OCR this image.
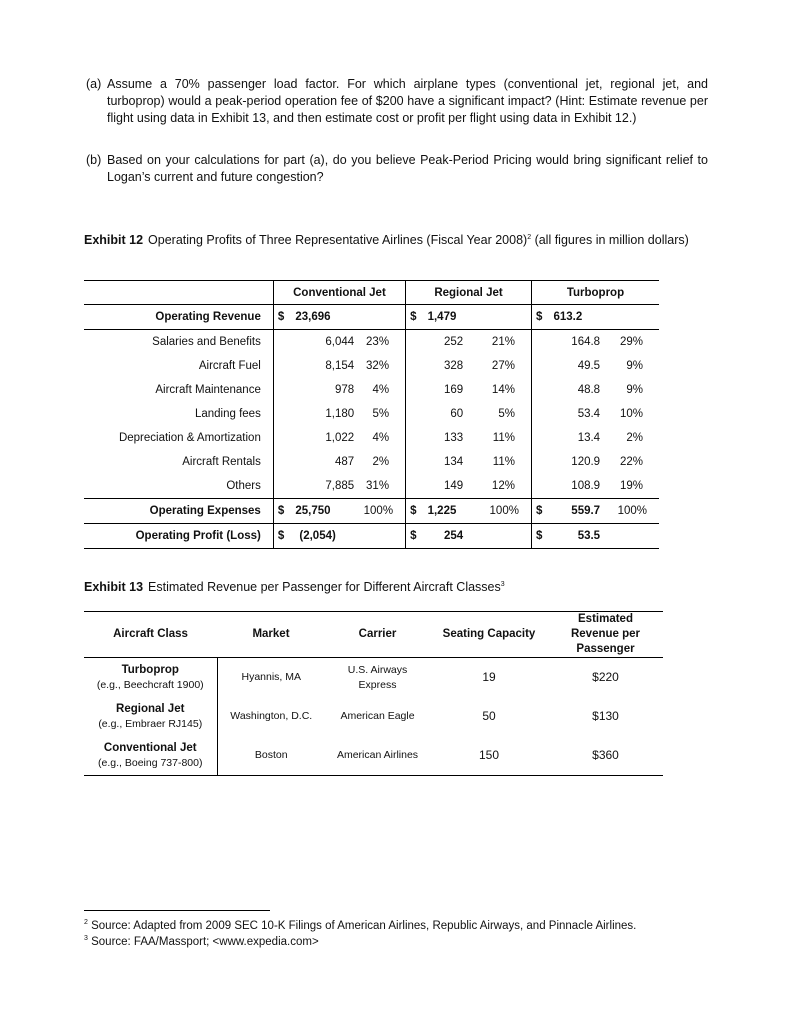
(a) Assume a 70% passenger load factor. For which airplane types (conventional jet, regional jet, and turboprop) would a peak-period operation fee of $200 have a significant impact? (Hint: Estimate revenue per flight using data in Exhibit 13, and then estimate cost or profit per flight using data in Exhibit 12.)
(b) Based on your calculations for part (a), do you believe Peak-Period Pricing would bring significant relief to Logan’s current and future congestion?
Exhibit 12 Operating Profits of Three Representative Airlines (Fiscal Year 2008)$^2$ (all figures in million dollars)
	Conventional Jet			Regional Jet			Turboprop		
Operating Revenue	$	23,696		$	1,479		$	613.2	
Salaries and Benefits		6,044	23%		252	21%		164.8	29%
Aircraft Fuel		8,154	32%		328	27%		49.5	9%
Aircraft Maintenance		978	4%		169	14%		48.8	9%
Landing fees		1,180	5%		60	5%		53.4	10%
Depreciation & Amortization		1,022	4%		133	11%		13.4	2%
Aircraft Rentals		487	2%		134	11%		120.9	22%
Others		7,885	31%		149	12%		108.9	19%
Operating Expenses	$	25,750	100%	$	1,225	100%	$	559.7	100%
Operating Profit (Loss)	$	(2,054)		$	254		$	53.5	
Exhibit 13 Estimated Revenue per Passenger for Different Aircraft Classes$^3$
Aircraft Class	Market	Carrier	Seating Capacity	Estimated Revenue per Passenger

Turboprop
(e.g., Beechcraft 1900)	Hyannis, MA	U.S. Airways Express	19	$220

Regional Jet
(e.g., Embraer RJ145)	Washington, D.C.	American Eagle	50	$130

Conventional Jet
(e.g., Boeing 737-800)	Boston	American Airlines	150	$360
$^2$ Source: Adapted from 2009 SEC 10-K Filings of American Airlines, Republic Airways, and Pinnacle Airlines.
$^3$ Source: FAA/Massport; <www.expedia.com>
